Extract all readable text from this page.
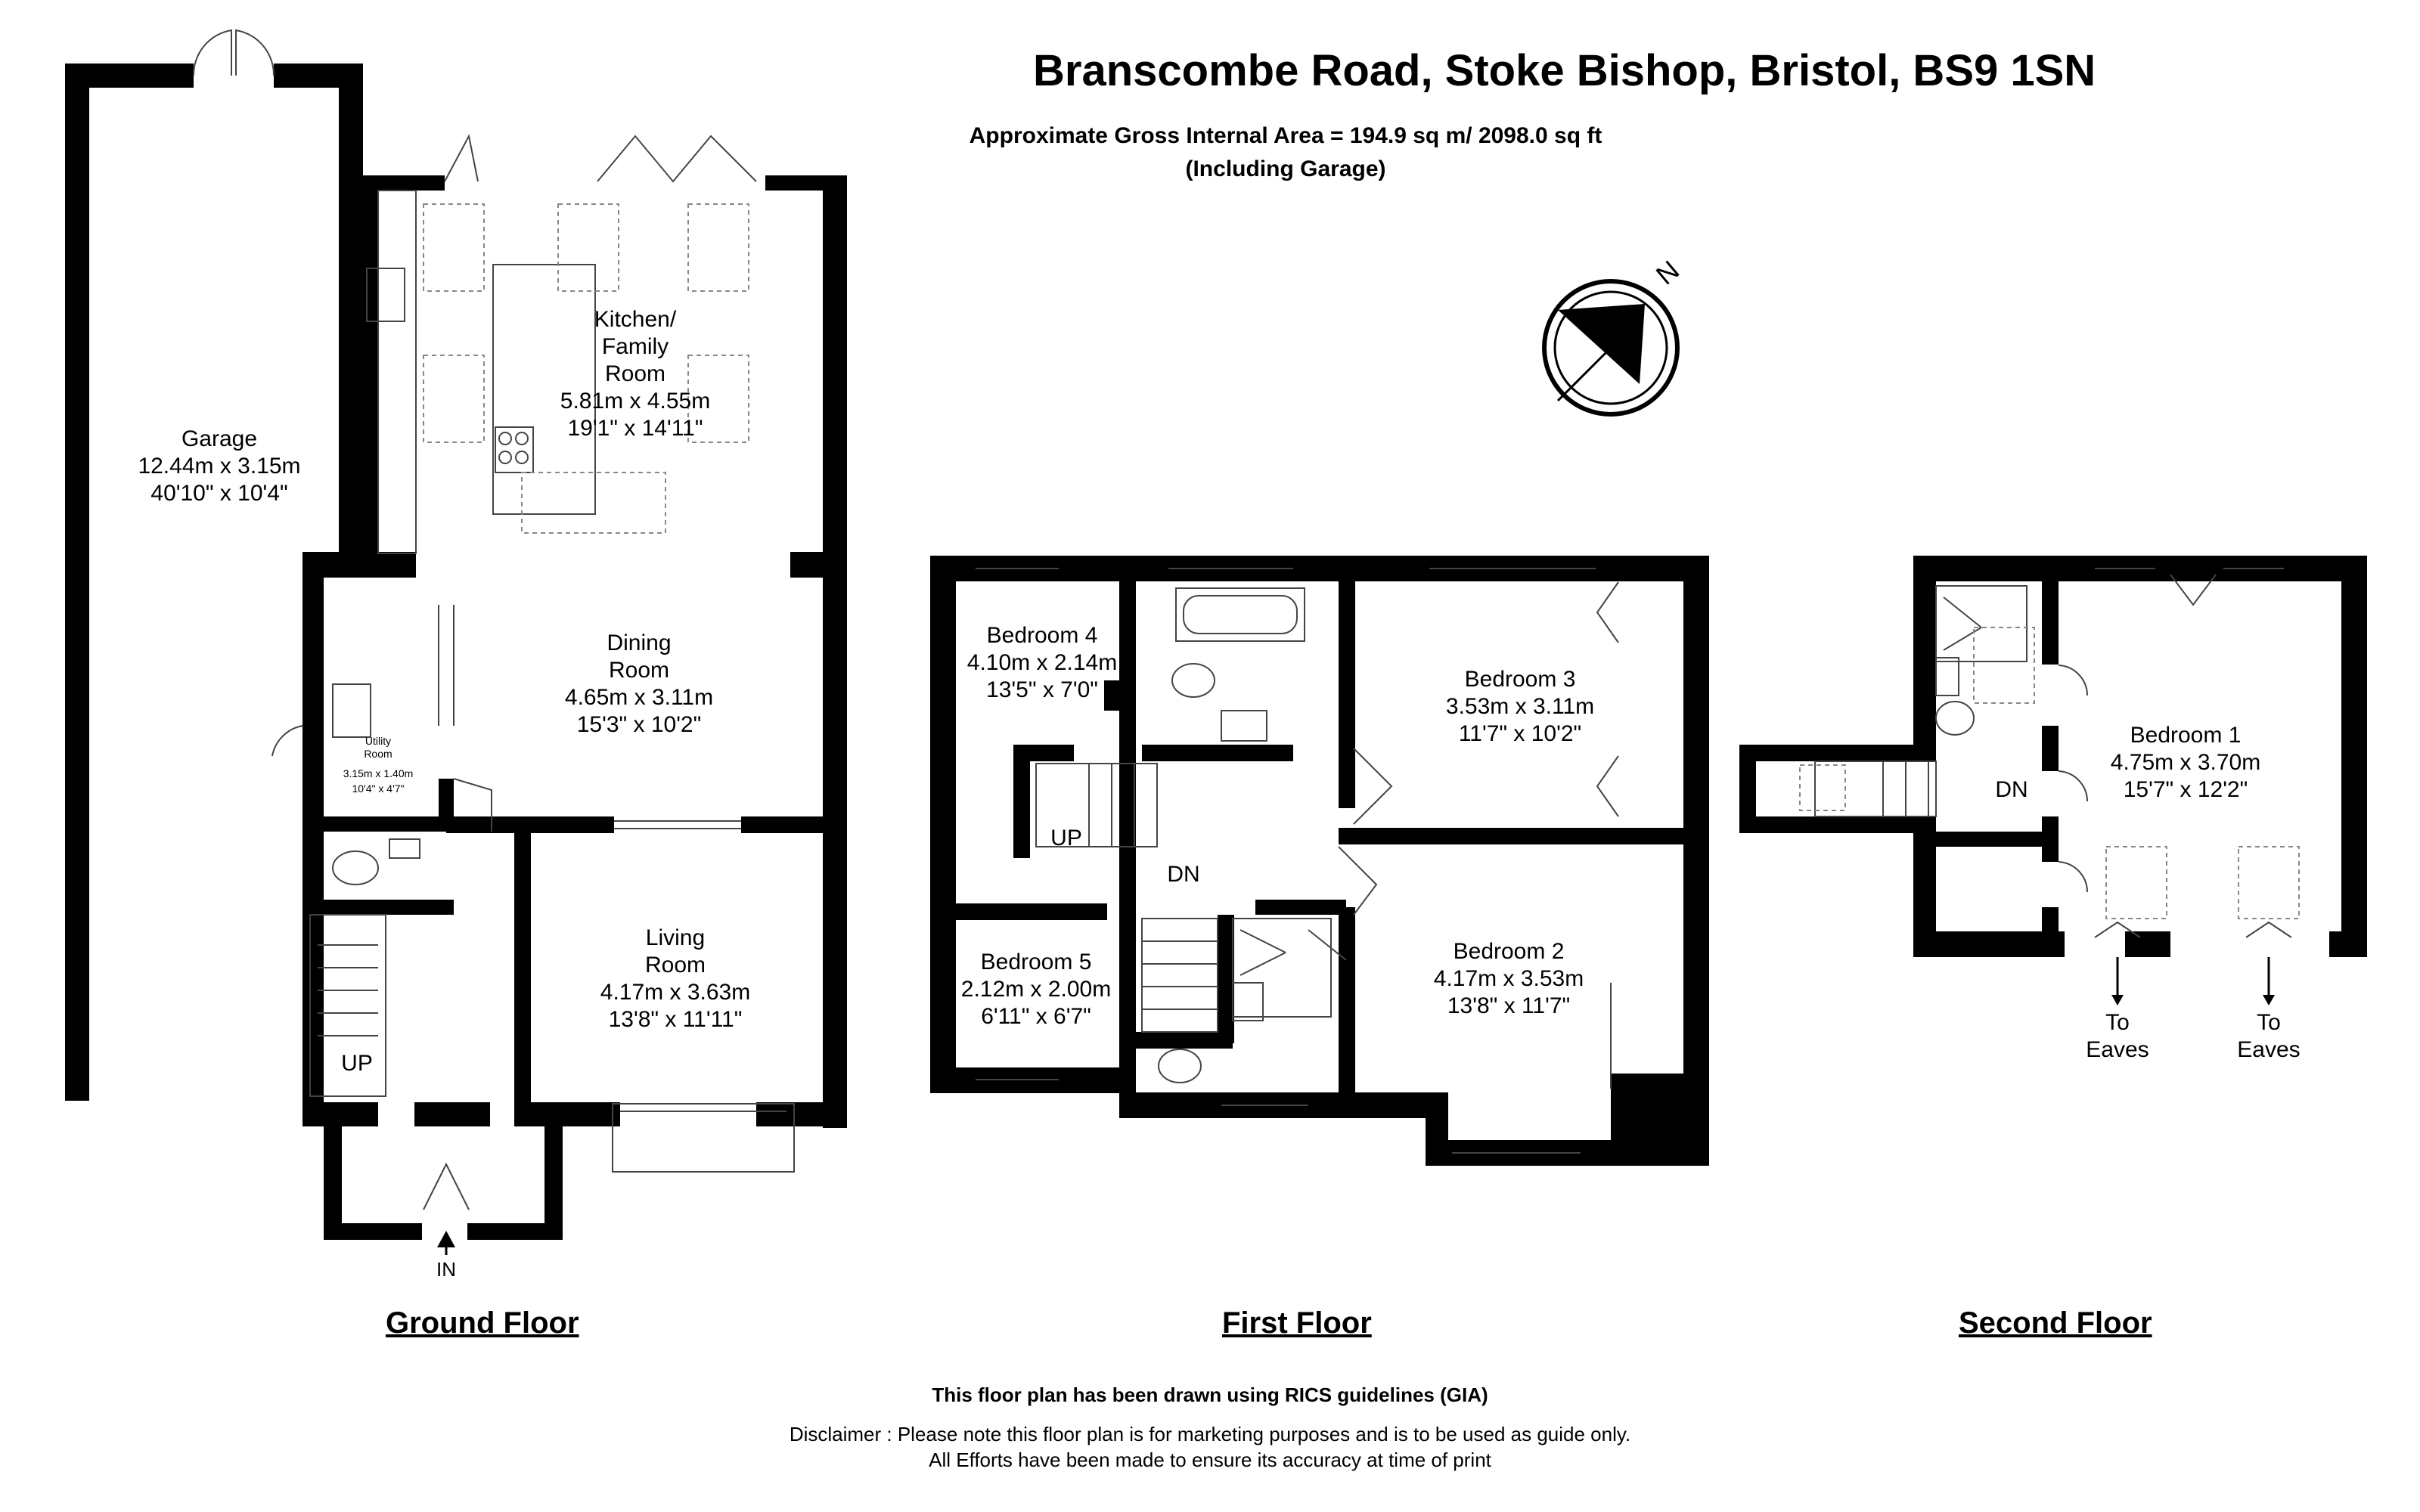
Branscombe Road, Stoke Bishop, Bristol, BS9 1SN
Approximate Gross Internal Area = 194.9 sq m/ 2098.0 sq ft
(Including Garage)
N
Garage
12.44m x 3.15m
40'10" x 10'4"
Kitchen/
Family
Room
5.81m x 4.55m
19'1" x 14'11"
Dining
Room
4.65m x 3.11m
15'3" x 10'2"
Utility
Room
3.15m x 1.40m
10'4" x 4'7"
Living
Room
4.17m x 3.63m
13'8" x 11'11"
UP
IN
Bedroom 4
4.10m x 2.14m
13'5" x 7'0"	Bedroom 3
3.53m x 3.11m
11'7" x 10'2"
Bedroom 5
2.12m x 2.00m
6'11" x 6'7"
Bedroom 2
4.17m x 3.53m
13'8" x 11'7"
UP
DN
Bedroom 1
4.75m x 3.70m
15'7" x 12'2"
DN
To
Eaves
To
Eaves
Ground Floor	First Floor	Second Floor
This floor plan has been drawn using RICS guidelines (GIA)
Disclaimer : Please note this floor plan is for marketing purposes and is to be used as guide only.
All Efforts have been made to ensure its accuracy at time of print
